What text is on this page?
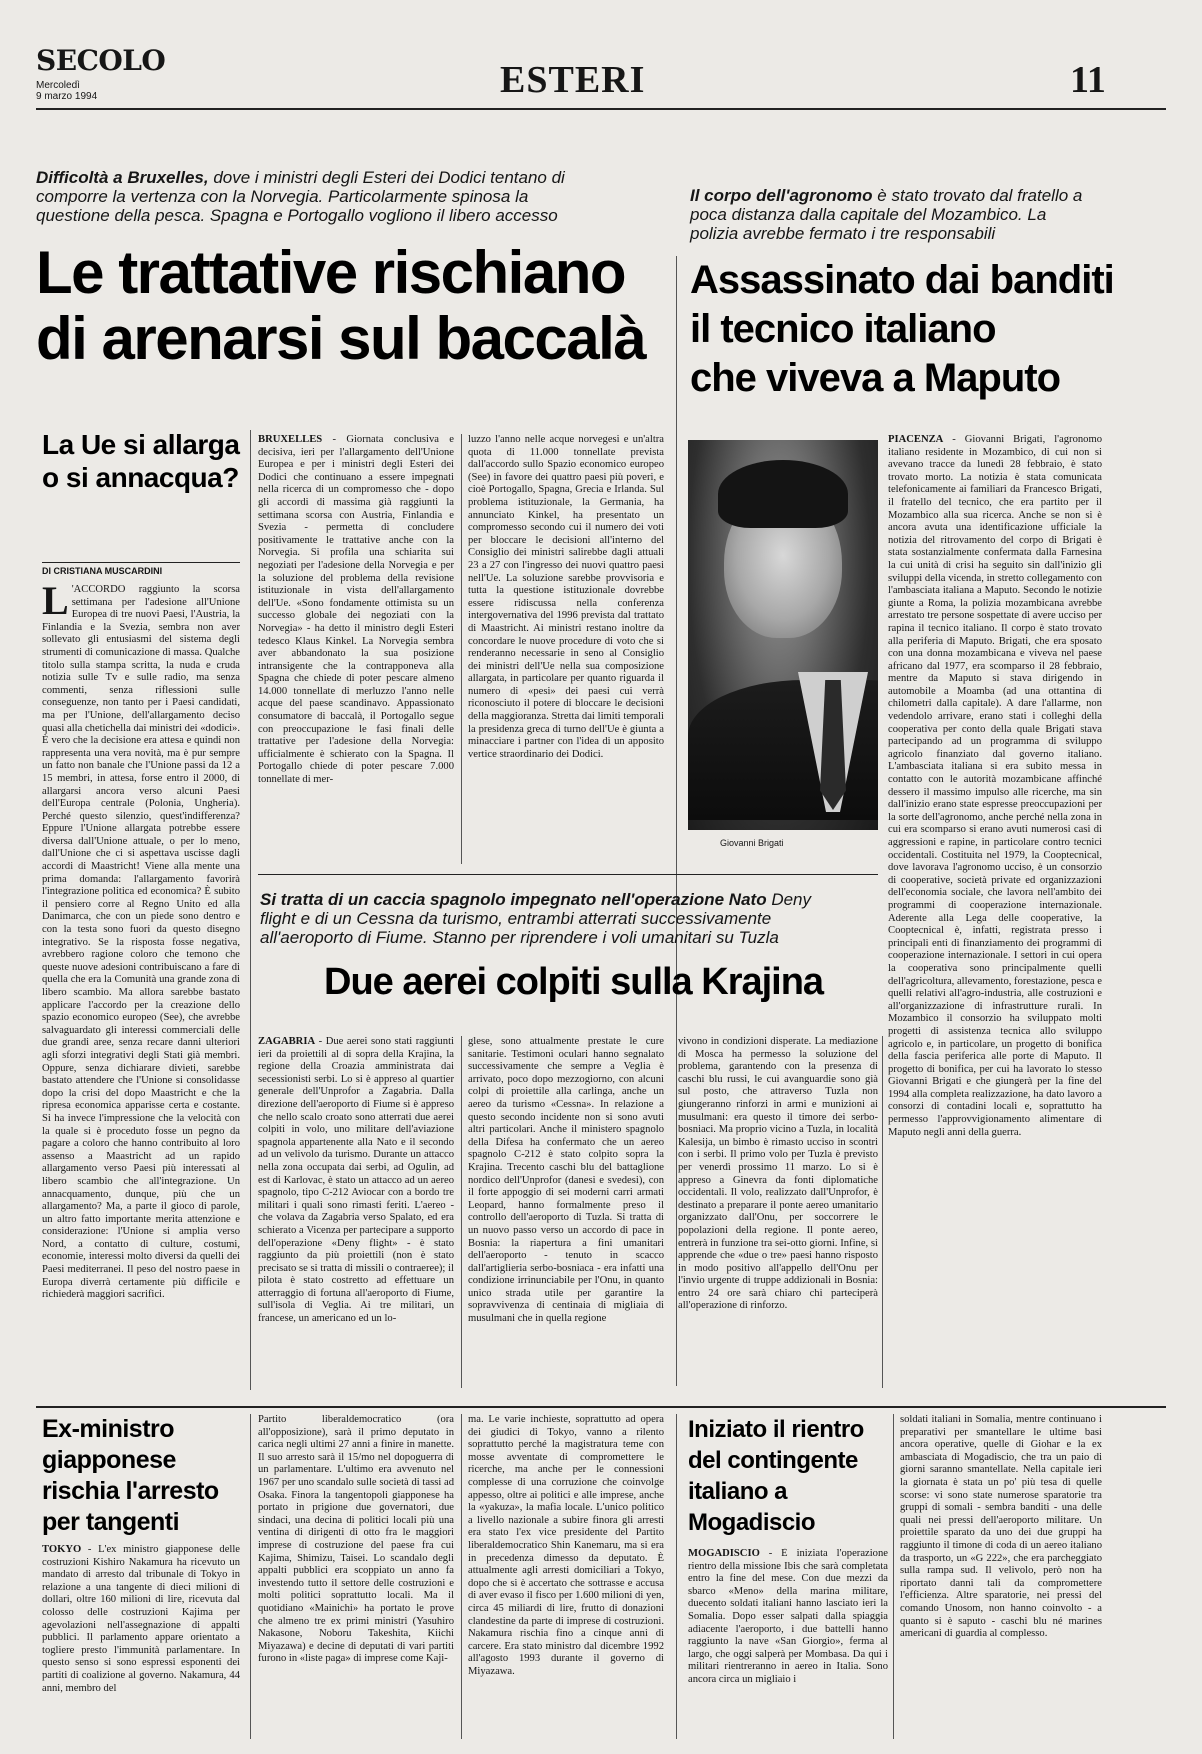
SECOLO
Mercoledì
9 marzo 1994	ESTERI	11
Difficoltà a Bruxelles, dove i ministri degli Esteri dei Dodici tentano di comporre la vertenza con la Norvegia. Particolarmente spinosa la questione della pesca. Spagna e Portogallo vogliono il libero accesso
Le trattative rischiano
di arenarsi sul baccalà
Il corpo dell'agronomo è stato trovato dal fratello a poca distanza dalla capitale del Mozambico. La polizia avrebbe fermato i tre responsabili
Assassinato dai banditi
il tecnico italiano
che viveva a Maputo
La Ue si allarga o si annacqua?
DI CRISTIANA MUSCARDINI

L 'ACCORDO raggiunto la scorsa settimana per l'adesione all'Unione Europea di tre nuovi Paesi, l'Austria, la Finlandia e la Svezia, sembra non aver sollevato gli entusiasmi del sistema degli strumenti di comunicazione di massa. Qualche titolo sulla stampa scritta, la nuda e cruda notizia sulle Tv e sulle radio, ma senza commenti, senza riflessioni sulle conseguenze, non tanto per i Paesi candidati, ma per l'Unione, dell'allargamento deciso quasi alla chetichella dai ministri dei «dodici». È vero che la decisione era attesa e quindi non rappresenta una vera novità, ma è pur sempre un fatto non banale che l'Unione passi da 12 a 15 membri, in attesa, forse entro il 2000, di allargarsi ancora verso alcuni Paesi dell'Europa centrale (Polonia, Ungheria). Perché questo silenzio, quest'indifferenza? Eppure l'Unione allargata potrebbe essere diversa dall'Unione attuale, o per lo meno, dall'Unione che ci si aspettava uscisse dagli accordi di Maastricht! Viene alla mente una prima domanda: l'allargamento favorirà l'integrazione politica ed economica? È subito il pensiero corre al Regno Unito ed alla Danimarca, che con un piede sono dentro e con la testa sono fuori da questo disegno integrativo. Se la risposta fosse negativa, avrebbero ragione coloro che temono che queste nuove adesioni contribuiscano a fare di quella che era la Comunità una grande zona di libero scambio. Ma allora sarebbe bastato applicare l'accordo per la creazione dello spazio economico europeo (See), che avrebbe salvaguardato gli interessi commerciali delle due grandi aree, senza recare danni ulteriori agli sforzi integrativi degli Stati già membri. Oppure, senza dichiarare divieti, sarebbe bastato attendere che l'Unione si consolidasse dopo la crisi del dopo Maastricht e che la ripresa economica apparisse certa e costante. Si ha invece l'impressione che la velocità con la quale si è proceduto fosse un pegno da pagare a coloro che hanno contribuito al loro assenso a Maastricht ad un rapido allargamento verso Paesi più interessati al libero scambio che all'integrazione. Un annacquamento, dunque, più che un allargamento? Ma, a parte il gioco di parole, un altro fatto importante merita attenzione e considerazione: l'Unione si amplia verso Nord, a contatto di culture, costumi, economie, interessi molto diversi da quelli dei Paesi mediterranei. Il peso del nostro paese in Europa diverrà certamente più difficile e richiederà maggiori sacrifici.

BRUXELLES - Giornata conclusiva e decisiva, ieri per l'allargamento dell'Unione Europea e per i ministri degli Esteri dei Dodici che continuano a essere impegnati nella ricerca di un compromesso che - dopo gli accordi di massima già raggiunti la settimana scorsa con Austria, Finlandia e Svezia - permetta di concludere positivamente le trattative anche con la Norvegia. Si profila una schiarita sui negoziati per l'adesione della Norvegia e per la soluzione del problema della revisione istituzionale in vista dell'allargamento dell'Ue. «Sono fondamente ottimista su un successo globale dei negoziati con la Norvegia» - ha detto il ministro degli Esteri tedesco Klaus Kinkel. La Norvegia sembra aver abbandonato la sua posizione intransigente che la contrapponeva alla Spagna che chiede di poter pescare almeno 14.000 tonnellate di merluzzo l'anno nelle acque del paese scandinavo. Appassionato consumatore di baccalà, il Portogallo segue con preoccupazione le fasi finali delle trattative per l'adesione della Norvegia: ufficialmente è schierato con la Spagna. Il Portogallo chiede di poter pescare 7.000 tonnellate di mer-

luzzo l'anno nelle acque norvegesi e un'altra quota di 11.000 tonnellate prevista dall'accordo sullo Spazio economico europeo (See) in favore dei quattro paesi più poveri, e cioè Portogallo, Spagna, Grecia e Irlanda. Sul problema istituzionale, la Germania, ha annunciato Kinkel, ha presentato un compromesso secondo cui il numero dei voti per bloccare le decisioni all'interno del Consiglio dei ministri salirebbe dagli attuali 23 a 27 con l'ingresso dei nuovi quattro paesi nell'Ue. La soluzione sarebbe provvisoria e tutta la questione istituzionale dovrebbe essere ridiscussa nella conferenza intergovernativa del 1996 prevista dal trattato di Maastricht. Ai ministri restano inoltre da concordare le nuove procedure di voto che si renderanno necessarie in seno al Consiglio dei ministri dell'Ue nella sua composizione allargata, in particolare per quanto riguarda il numero di «pesi» dei paesi cui verrà riconosciuto il potere di bloccare le decisioni della maggioranza. Stretta dai limiti temporali la presidenza greca di turno dell'Ue è giunta a minacciare i partner con l'idea di un apposito vertice straordinario dei Dodici.

Giovanni Brigati

PIACENZA - Giovanni Brigati, l'agronomo italiano residente in Mozambico, di cui non si avevano tracce da lunedì 28 febbraio, è stato trovato morto. La notizia è stata comunicata telefonicamente ai familiari da Francesco Brigati, il fratello del tecnico, che era partito per il Mozambico alla sua ricerca. Anche se non si è ancora avuta una identificazione ufficiale la notizia del ritrovamento del corpo di Brigati è stata sostanzialmente confermata dalla Farnesina la cui unità di crisi ha seguito sin dall'inizio gli sviluppi della vicenda, in stretto collegamento con l'ambasciata italiana a Maputo. Secondo le notizie giunte a Roma, la polizia mozambicana avrebbe arrestato tre persone sospettate di avere ucciso per rapina il tecnico italiano. Il corpo è stato trovato alla periferia di Maputo. Brigati, che era sposato con una donna mozambicana e viveva nel paese africano dal 1977, era scomparso il 28 febbraio, mentre da Maputo si stava dirigendo in automobile a Moamba (ad una ottantina di chilometri dalla capitale). A dare l'allarme, non vedendolo arrivare, erano stati i colleghi della cooperativa per conto della quale Brigati stava partecipando ad un programma di sviluppo agricolo finanziato dal governo italiano. L'ambasciata italiana si era subito messa in contatto con le autorità mozambicane affinché dessero il massimo impulso alle ricerche, ma sin dall'inizio erano state espresse preoccupazioni per la sorte dell'agronomo, anche perché nella zona in cui era scomparso si erano avuti numerosi casi di aggressioni e rapine, in particolare contro tecnici occidentali. Costituita nel 1979, la Cooptecnical, dove lavorava l'agronomo ucciso, è un consorzio di cooperative, società private ed organizzazioni dell'economia sociale, che lavora nell'ambito dei programmi di cooperazione internazionale. Aderente alla Lega delle cooperative, la Cooptecnical è, infatti, registrata presso i principali enti di finanziamento dei programmi di cooperazione internazionale. I settori in cui opera la cooperativa sono principalmente quelli dell'agricoltura, allevamento, forestazione, pesca e quelli relativi all'agro-industria, alle costruzioni e all'organizzazione di infrastrutture rurali. In Mozambico il consorzio ha sviluppato molti progetti di assistenza tecnica allo sviluppo agricolo e, in particolare, un progetto di bonifica della fascia periferica alle porte di Maputo. Il progetto di bonifica, per cui ha lavorato lo stesso Giovanni Brigati e che giungerà per la fine del 1994 alla completa realizzazione, ha dato lavoro a consorzi di contadini locali e, soprattutto ha permesso l'approvvigionamento alimentare di Maputo negli anni della guerra.

Si tratta di un caccia spagnolo impegnato nell'operazione Nato Deny flight e di un Cessna da turismo, entrambi atterrati successivamente all'aeroporto di Fiume. Stanno per riprendere i voli umanitari su Tuzla
Due aerei colpiti sulla Krajina

ZAGABRIA - Due aerei sono stati raggiunti ieri da proiettili al di sopra della Krajina, la regione della Croazia amministrata dai secessionisti serbi. Lo si è appreso al quartier generale dell'Unprofor a Zagabria. Dalla direzione dell'aeroporto di Fiume si è appreso che nello scalo croato sono atterrati due aerei colpiti in volo, uno militare dell'aviazione spagnola appartenente alla Nato e il secondo ad un velivolo da turismo. Durante un attacco nella zona occupata dai serbi, ad Ogulin, ad est di Karlovac, è stato un attacco ad un aereo spagnolo, tipo C-212 Aviocar con a bordo tre militari i quali sono rimasti feriti. L'aereo - che volava da Zagabria verso Spalato, ed era schierato a Vicenza per partecipare a supporto dell'operazione «Deny flight» - è stato raggiunto da più proiettili (non è stato precisato se si tratta di missili o contraeree); il pilota è stato costretto ad effettuare un atterraggio di fortuna all'aeroporto di Fiume, sull'isola di Veglia. Ai tre militari, un francese, un americano ed un lo-

glese, sono attualmente prestate le cure sanitarie. Testimoni oculari hanno segnalato successivamente che sempre a Veglia è arrivato, poco dopo mezzogiorno, con alcuni colpi di proiettile alla carlinga, anche un aereo da turismo «Cessna». In relazione a questo secondo incidente non si sono avuti altri particolari. Anche il ministero spagnolo della Difesa ha confermato che un aereo spagnolo C-212 è stato colpito sopra la Krajina. Trecento caschi blu del battaglione nordico dell'Unprofor (danesi e svedesi), con il forte appoggio di sei moderni carri armati Leopard, hanno formalmente preso il controllo dell'aeroporto di Tuzla. Si tratta di un nuovo passo verso un accordo di pace in Bosnia: la riapertura a fini umanitari dell'aeroporto - tenuto in scacco dall'artiglieria serbo-bosniaca - era infatti una condizione irrinunciabile per l'Onu, in quanto unico strada utile per garantire la sopravvivenza di centinaia di migliaia di musulmani che in quella regione

vivono in condizioni disperate. La mediazione di Mosca ha permesso la soluzione del problema, garantendo con la presenza di caschi blu russi, le cui avanguardie sono già sul posto, che attraverso Tuzla non giungeranno rinforzi in armi e munizioni ai musulmani: era questo il timore dei serbo-bosniaci. Ma proprio vicino a Tuzla, in località Kalesija, un bimbo è rimasto ucciso in scontri con i serbi. Il primo volo per Tuzla è previsto per venerdì prossimo 11 marzo. Lo si è appreso a Ginevra da fonti diplomatiche occidentali. Il volo, realizzato dall'Unprofor, è destinato a preparare il ponte aereo umanitario organizzato dall'Onu, per soccorrere le popolazioni della regione. Il ponte aereo, entrerà in funzione tra sei-otto giorni. Infine, si apprende che «due o tre» paesi hanno risposto in modo positivo all'appello dell'Onu per l'invio urgente di truppe addizionali in Bosnia: entro 24 ore sarà chiaro chi parteciperà all'operazione di rinforzo.

Ex-ministro giapponese rischia l'arresto per tangenti

TOKYO - L'ex ministro giapponese delle costruzioni Kishiro Nakamura ha ricevuto un mandato di arresto dal tribunale di Tokyo in relazione a una tangente di dieci milioni di dollari, oltre 160 milioni di lire, ricevuta dal colosso delle costruzioni Kajima per agevolazioni nell'assegnazione di appalti pubblici. Il parlamento appare orientato a togliere presto l'immunità parlamentare. In questo senso si sono espressi esponenti dei partiti di coalizione al governo. Nakamura, 44 anni, membro del

Partito liberaldemocratico (ora all'opposizione), sarà il primo deputato in carica negli ultimi 27 anni a finire in manette. Il suo arresto sarà il 15/mo nel dopoguerra di un parlamentare. L'ultimo era avvenuto nel 1967 per uno scandalo sulle società di tassi ad Osaka. Finora la tangentopoli giapponese ha portato in prigione due governatori, due sindaci, una decina di politici locali più una ventina di dirigenti di otto fra le maggiori imprese di costruzione del paese fra cui Kajima, Shimizu, Taisei. Lo scandalo degli appalti pubblici era scoppiato un anno fa investendo tutto il settore delle costruzioni e molti politici soprattutto locali. Ma il quotidiano «Mainichi» ha portato le prove che almeno tre ex primi ministri (Yasuhiro Nakasone, Noboru Takeshita, Kiichi Miyazawa) e decine di deputati di vari partiti furono in «liste paga» di imprese come Kaji-

ma. Le varie inchieste, soprattutto ad opera dei giudici di Tokyo, vanno a rilento soprattutto perché la magistratura teme con mosse avventate di compromettere le ricerche, ma anche per le connessioni complesse di una corruzione che coinvolge appesso, oltre ai politici e alle imprese, anche la «yakuza», la mafia locale. L'unico politico a livello nazionale a subire finora gli arresti era stato l'ex vice presidente del Partito liberaldemocratico Shin Kanemaru, ma si era in precedenza dimesso da deputato. È attualmente agli arresti domiciliari a Tokyo, dopo che si è accertato che sottrasse e accusa di aver evaso il fisco per 1.600 milioni di yen, circa 45 miliardi di lire, frutto di donazioni clandestine da parte di imprese di costruzioni. Nakamura rischia fino a cinque anni di carcere. Era stato ministro dal dicembre 1992 all'agosto 1993 durante il governo di Miyazawa.

Iniziato il rientro del contingente italiano a Mogadiscio

MOGADISCIO - È iniziata l'operazione rientro della missione Ibis che sarà completata entro la fine del mese. Con due mezzi da sbarco «Meno» della marina militare, duecento soldati italiani hanno lasciato ieri la Somalia. Dopo esser salpati dalla spiaggia adiacente l'aeroporto, i due battelli hanno raggiunto la nave «San Giorgio», ferma al largo, che oggi salperà per Mombasa. Da qui i militari rientreranno in aereo in Italia. Sono ancora circa un migliaio i

soldati italiani in Somalia, mentre continuano i preparativi per smantellare le ultime basi ancora operative, quelle di Giohar e la ex ambasciata di Mogadiscio, che tra un paio di giorni saranno smantellate. Nella capitale ieri la giornata è stata un po' più tesa di quelle scorse: vi sono state numerose sparatorie tra gruppi di somali - sembra banditi - una delle quali nei pressi dell'aeroporto militare. Un proiettile sparato da uno dei due gruppi ha raggiunto il timone di coda di un aereo italiano da trasporto, un «G 222», che era parcheggiato sulla rampa sud. Il velivolo, però non ha riportato danni tali da compromettere l'efficienza. Altre sparatorie, nei pressi del comando Unosom, non hanno coinvolto - a quanto si è saputo - caschi blu né marines americani di guardia al complesso.
